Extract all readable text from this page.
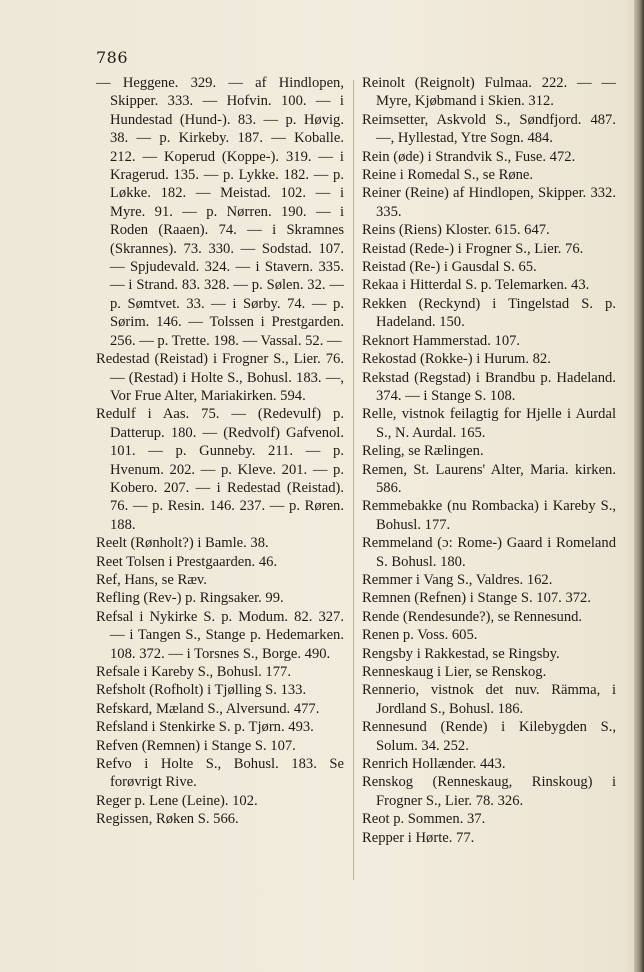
786

— Heggene. 329. — af Hindlopen, Skipper. 333. — Hofvin. 100. — i Hundestad (Hund-). 83. — p. Høvig. 38. — p. Kirkeby. 187. — Koballe. 212. — Koperud (Koppe-). 319. — i Kragerud. 135. — p. Lykke. 182. — p. Løkke. 182. — Meistad. 102. — i Myre. 91. — p. Nørren. 190. — i Roden (Raaen). 74. — i Skramnes (Skrannes). 73. 330. — Sodstad. 107. — Spjudevald. 324. — i Stavern. 335. — i Strand. 83. 328. — p. Sølen. 32. — p. Sømtvet. 33. — i Sørby. 74. — p. Sørim. 146. — Tolssen i Prestgarden. 256. — p. Trette. 198. — Vassal. 52. —

Redestad (Reistad) i Frogner S., Lier. 76. — (Restad) i Holte S., Bohusl. 183. —, Vor Frue Alter, Mariakirken. 594.

Redulf i Aas. 75. — (Redevulf) p. Datterup. 180. — (Redvolf) Gafvenol. 101. — p. Gunneby. 211. — p. Hvenum. 202. — p. Kleve. 201. — p. Kobero. 207. — i Redestad (Reistad). 76. — p. Resin. 146. 237. — p. Røren. 188.

Reelt (Rønholt?) i Bamle. 38.

Reet Tolsen i Prestgaarden. 46.

Ref, Hans, se Ræv.

Refling (Rev-) p. Ringsaker. 99.

Refsal i Nykirke S. p. Modum. 82. 327. — i Tangen S., Stange p. Hedemarken. 108. 372. — i Torsnes S., Borge. 490.

Refsale i Kareby S., Bohusl. 177.

Refsholt (Rofholt) i Tjølling S. 133.

Refskard, Mæland S., Alversund. 477.

Refsland i Stenkirke S. p. Tjørn. 493.

Refven (Remnen) i Stange S. 107.

Refvo i Holte S., Bohusl. 183. Se forøvrigt Rive.

Reger p. Lene (Leine). 102.

Regissen, Røken S. 566.

Reinolt (Reignolt) Fulmaa. 222. — — Myre, Kjøbmand i Skien. 312.

Reimsetter, Askvold S., Søndfjord. 487. —, Hyllestad, Ytre Sogn. 484.

Rein (øde) i Strandvik S., Fuse. 472.

Reine i Romedal S., se Røne.

Reiner (Reine) af Hindlopen, Skipper. 332. 335.

Reins (Riens) Kloster. 615. 647.

Reistad (Rede-) i Frogner S., Lier. 76.

Reistad (Re-) i Gausdal S. 65.

Rekaa i Hitterdal S. p. Telemarken. 43.

Rekken (Reckynd) i Tingelstad S. p. Hadeland. 150.

Reknort Hammerstad. 107.

Rekostad (Rokke-) i Hurum. 82.

Rekstad (Regstad) i Brandbu p. Hadeland. 374. — i Stange S. 108.

Relle, vistnok feilagtig for Hjelle i Aurdal S., N. Aurdal. 165.

Reling, se Rælingen.

Remen, St. Laurens' Alter, Maria. kirken. 586.

Remmebakke (nu Rombacka) i Kareby S., Bohusl. 177.

Remmeland (ɔ: Rome-) Gaard i Romeland S. Bohusl. 180.

Remmer i Vang S., Valdres. 162.

Remnen (Refnen) i Stange S. 107. 372.

Rende (Rendesunde?), se Rennesund.

Renen p. Voss. 605.

Rengsby i Rakkestad, se Ringsby.

Renneskaug i Lier, se Renskog.

Rennerio, vistnok det nuv. Rämma, i Jordland S., Bohusl. 186.

Rennesund (Rende) i Kilebygden S., Solum. 34. 252.

Renrich Hollænder. 443.

Renskog (Renneskaug, Rinskoug) i Frogner S., Lier. 78. 326.

Reot p. Sommen. 37.

Repper i Hørte. 77.
